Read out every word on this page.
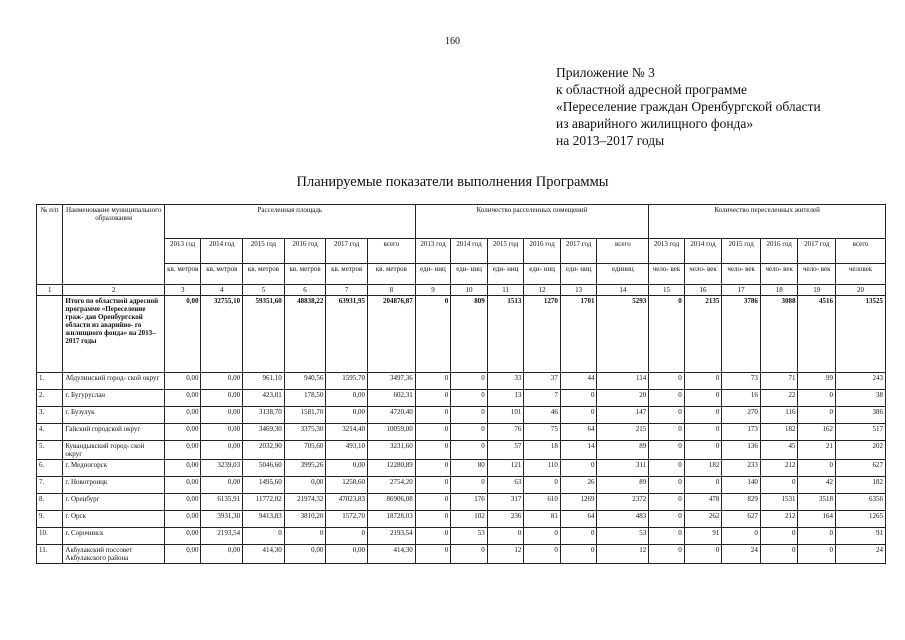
160
Приложение № 3
к областной адресной программе
«Переселение граждан Оренбургской области
из аварийного жилищного фонда»
на 2013–2017 годы
Планируемые показатели выполнения Программы
№ п/п	Наименование муниципального образования	Расселенная площадь						Количество расселенных помещений						Количество переселенных жителей					
		2013 год	2014 год	2015 год	2016 год	2017 год	всего	2013 год	2014 год	2015 год	2016 год	2017 год	всего	2013 год	2014 год	2015 год	2016 год	2017 год	всего
		кв. метров	кв. метров	кв. метров	кв. метров	кв. метров	кв. метров	еди- ниц	еди- ниц	еди- ниц	еди- ниц	еди- ниц	единиц	чело- век	чело- век	чело- век	чело- век	чело- век	человек
1	2	3	4	5	6	7	8	9	10	11	12	13	14	15	16	17	18	19	20
	Итого по областной адресной программе «Переселение граж- дан Оренбургской области из аварийно- го жилищного фонда» на 2013– 2017 годы	0,00	32755,10	59351,60	48838,22	63931,95	204876,87	0	809	1513	1270	1701	5293	0	2135	3786	3088	4516	13525
1.	Абдулинский город- ской округ	0,00	0,00	961,10	940,56	1595,70	3497,36	0	0	33	37	44	114	0	0	73	71	99	243
2.	г. Бугуруслан	0,00	0,00	423,81	178,50	0,00	602,31	0	0	13	7	0	20	0	0	16	22	0	38
3.	г. Бузулук	0,00	0,00	3138,70	1581,70	0,00	4720,40	0	0	101	46	0	147	0	0	270	116	0	386
4.	Гайский городской округ	0,00	0,00	3469,30	3375,30	3214,40	10059,00	0	0	76	75	64	215	0	0	173	182	162	517
5.	Кувандыкский город- ской округ	0,00	0,00	2032,90	705,60	493,10	3231,60	0	0	57	18	14	89	0	0	136	45	21	202
6.	г. Медногорск	0,00	3239,03	5046,60	3995,26	0,00	12280,89	0	80	121	110	0	311	0	182	233	212	0	627
7.	г. Новотроицк	0,00	0,00	1495,60	0,00	1258,60	2754,20	0	0	63	0	26	89	0	0	140	0	42	182
8.	г. Оренбург	0,00	6135,91	11772,02	21974,32	47023,83	86906,08	0	176	317	610	1269	2372	0	478	829	1531	3518	6356
9.	г. Орск	0,00	3931,30	9413,83	3810,20	1572,70	18728,03	0	102	236	81	64	483	0	262	627	212	164	1265
10.	г. Сорочинск	0,00	2193,54	0	0	0	2193,54	0	53	0	0	0	53	0	91	0	0	0	91
11.	Акбулакский поссовет Акбулакского района	0,00	0,00	414,30	0,00	0,00	414,30	0	0	12	0	0	12	0	0	24	0	0	24
